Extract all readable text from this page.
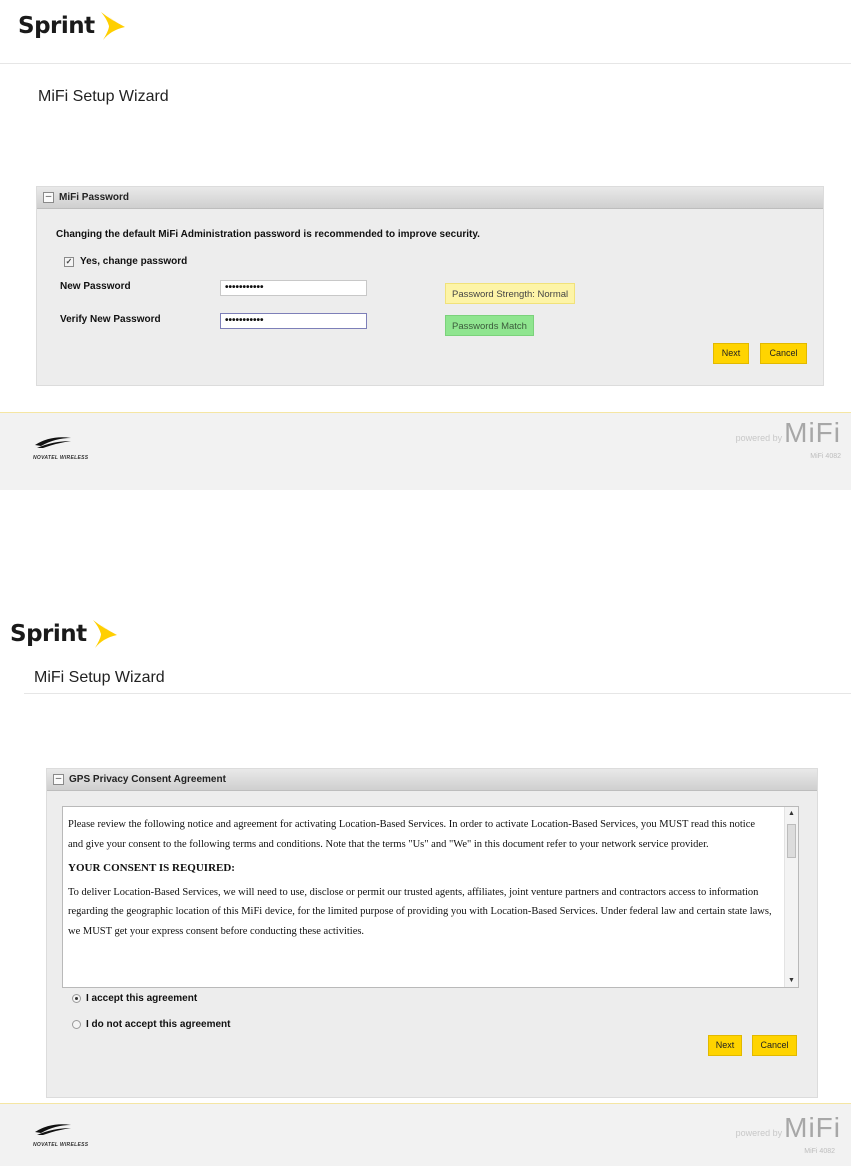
Sprint
MiFi Setup Wizard
– MiFi Password
Changing the default MiFi Administration password is recommended to improve security.
✓ Yes, change password
New Password	•••••••••••
Password Strength: Normal
Verify New Password	•••••••••••
Passwords Match
Next	Cancel
NOVATEL WIRELESS
powered by MiFi
MiFi 4082
Sprint
MiFi Setup Wizard
– GPS Privacy Consent Agreement

Please review the following notice and agreement for activating Location-Based Services. In order to activate Location-Based Services, you MUST read this notice and give your consent to the following terms and conditions. Note that the terms "Us" and "We" in this document refer to your network service provider.

YOUR CONSENT IS REQUIRED:

To deliver Location-Based Services, we will need to use, disclose or permit our trusted agents, affiliates, joint venture partners and contractors access to information regarding the geographic location of this MiFi device, for the limited purpose of providing you with Location-Based Services. Under federal law and certain state laws, we MUST get your express consent before conducting these activities.

▲
▼
I accept this agreement
I do not accept this agreement
Next	Cancel
NOVATEL WIRELESS
powered by MiFi
MiFi 4082
